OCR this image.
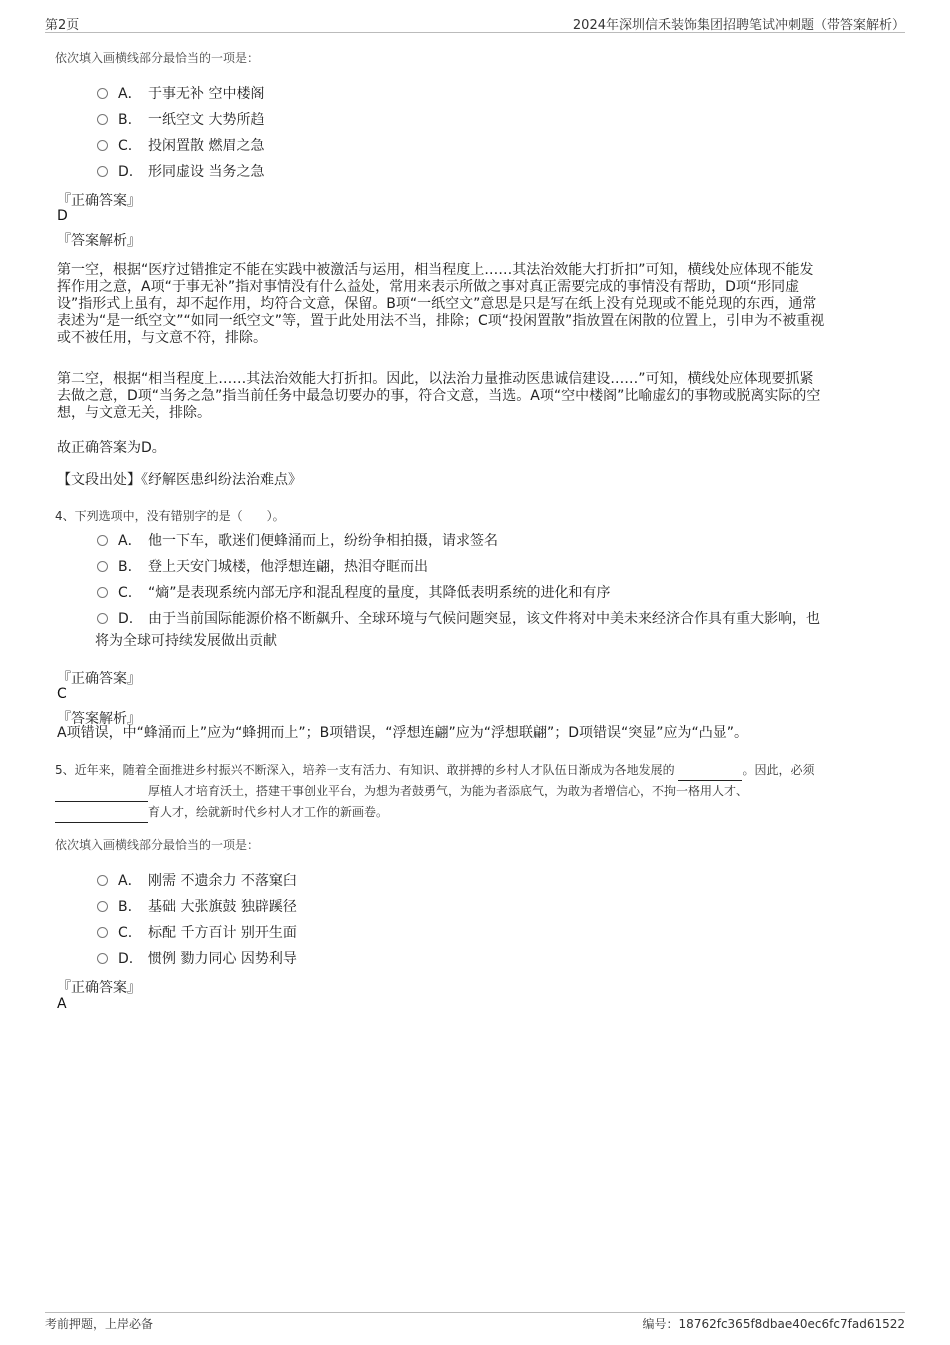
第2页	2024年深圳信禾装饰集团招聘笔试冲刺题（带答案解析）
依次填入画横线部分最恰当的一项是：
A． 于事无补 空中楼阁
B. 一纸空文 大势所趋
C. 投闲置散 燃眉之急
D. 形同虚设 当务之急
『正确答案』
D
『答案解析』
第一空，根据“医疗过错推定不能在实践中被激活与运用，相当程度上……其法治效能大打折扣”可知，横线处应体现不能发
挥作用之意，A项“于事无补”指对事情没有什么益处，常用来表示所做之事对真正需要完成的事情没有帮助，D项“形同虚
设”指形式上虽有，却不起作用，均符合文意，保留。B项“一纸空文”意思是只是写在纸上没有兑现或不能兑现的东西，通常
表述为“是一纸空文”“如同一纸空文”等，置于此处用法不当，排除；C项“投闲置散”指放置在闲散的位置上，引申为不被重视
或不被任用，与文意不符，排除。
第二空，根据“相当程度上……其法治效能大打折扣。因此，以法治力量推动医患诚信建设……”可知，横线处应体现要抓紧
去做之意，D项“当务之急”指当前任务中最急切要办的事，符合文意，当选。A项“空中楼阁”比喻虚幻的事物或脱离实际的空
想，与文意无关，排除。
故正确答案为D。
【文段出处】《纾解医患纠纷法治难点》
4、下列选项中，没有错别字的是（　　）。
A． 他一下车，歌迷们便蜂涌而上，纷纷争相拍摄，请求签名
B. 登上天安门城楼，他浮想连翩，热泪夺眶而出
C. “熵”是表现系统内部无序和混乱程度的量度，其降低表明系统的进化和有序
D. 由于当前国际能源价格不断飙升、全球环境与气候问题突显，该文件将对中美未来经济合作具有重大影响，也
将为全球可持续发展做出贡献
『正确答案』
C
『答案解析』
A项错误，中“蜂涌而上”应为“蜂拥而上”；B项错误，“浮想连翩”应为“浮想联翩”；D项错误“突显”应为“凸显”。
5、近年来，随着全面推进乡村振兴不断深入，培养一支有活力、有知识、敢拼搏的乡村人才队伍日渐成为各地发展的	。因此，必须
厚植人才培育沃土，搭建干事创业平台，为想为者鼓勇气，为能为者添底气，为敢为者增信心，不拘一格用人才、
育人才，绘就新时代乡村人才工作的新画卷。
依次填入画横线部分最恰当的一项是：
A． 刚需 不遗余力 不落窠臼
B. 基础 大张旗鼓 独辟蹊径
C. 标配 千方百计 别开生面
D. 惯例 勠力同心 因势利导
『正确答案』
A
考前押题，上岸必备	编号：18762fc365f8dbae40ec6fc7fad61522
